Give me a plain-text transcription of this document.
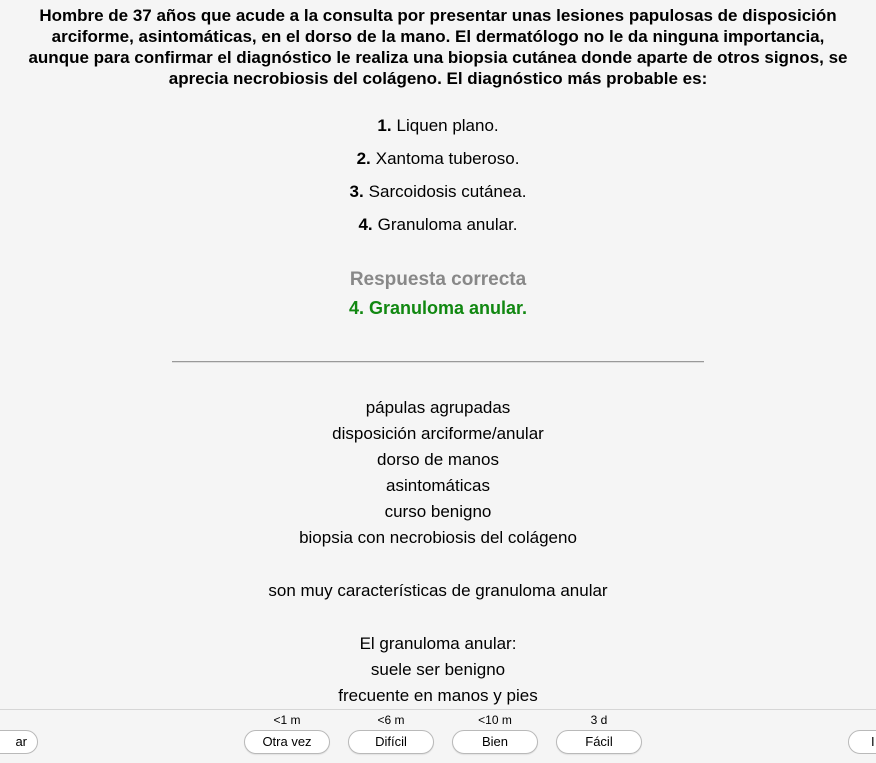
Hombre de 37 años que acude a la consulta por presentar unas lesiones papulosas de disposición
arciforme, asintomáticas, en el dorso de la mano. El dermatólogo no le da ninguna importancia,
aunque para confirmar el diagnóstico le realiza una biopsia cutánea donde aparte de otros signos, se
aprecia necrobiosis del colágeno. El diagnóstico más probable es:
1. Liquen plano.
2. Xantoma tuberoso.
3. Sarcoidosis cutánea.
4. Granuloma anular.
Respuesta correcta
4. Granuloma anular.
pápulas agrupadas
disposición arciforme/anular
dorso de manos
asintomáticas
curso benigno
biopsia con necrobiosis del colágeno
son muy características de granuloma anular
El granuloma anular:
suele ser benigno
frecuente en manos y pies
ar
<1 m
Otra vez
<6 m
Difícil
<10 m
Bien
3 d
Fácil	I
